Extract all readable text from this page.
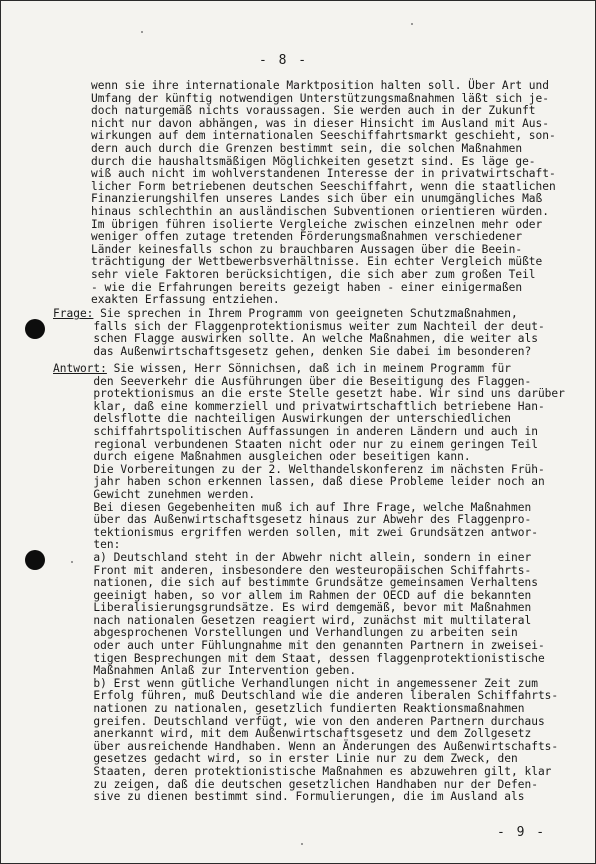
- 8 -
wenn sie ihre internationale Marktposition halten soll. Über Art und
Umfang der künftig notwendigen Unterstützungsmaßnahmen läßt sich je-
doch naturgemäß nichts voraussagen. Sie werden auch in der Zukunft
nicht nur davon abhängen, was in dieser Hinsicht im Ausland mit Aus-
wirkungen auf dem internationalen Seeschiffahrtsmarkt geschieht, son-
dern auch durch die Grenzen bestimmt sein, die solchen Maßnahmen
durch die haushaltsmäßigen Möglichkeiten gesetzt sind. Es läge ge-
wiß auch nicht im wohlverstandenen Interesse der in privatwirtschaft-
licher Form betriebenen deutschen Seeschiffahrt, wenn die staatlichen
Finanzierungshilfen unseres Landes sich über ein unumgängliches Maß
hinaus schlechthin an ausländischen Subventionen orientieren würden.
Im übrigen führen isolierte Vergleiche zwischen einzelnen mehr oder
weniger offen zutage tretenden Förderungsmaßnahmen verschiedener
Länder keinesfalls schon zu brauchbaren Aussagen über die Beein-
trächtigung der Wettbewerbsverhältnisse. Ein echter Vergleich müßte
sehr viele Faktoren berücksichtigen, die sich aber zum großen Teil
- wie die Erfahrungen bereits gezeigt haben - einer einigermaßen
exakten Erfassung entziehen.
Frage: Sie sprechen in Ihrem Programm von geeigneten Schutzmaßnahmen,
falls sich der Flaggenprotektionismus weiter zum Nachteil der deut-
schen Flagge auswirken sollte. An welche Maßnahmen, die weiter als
das Außenwirtschaftsgesetz gehen, denken Sie dabei im besonderen?
Antwort: Sie wissen, Herr Sönnichsen, daß ich in meinem Programm für
den Seeverkehr die Ausführungen über die Beseitigung des Flaggen-
protektionismus an die erste Stelle gesetzt habe. Wir sind uns darüber
klar, daß eine kommerziell und privatwirtschaftlich betriebene Han-
delsflotte die nachteiligen Auswirkungen der unterschiedlichen
schiffahrtspolitischen Auffassungen in anderen Ländern und auch in
regional verbundenen Staaten nicht oder nur zu einem geringen Teil
durch eigene Maßnahmen ausgleichen oder beseitigen kann.
Die Vorbereitungen zu der 2. Welthandelskonferenz im nächsten Früh-
jahr haben schon erkennen lassen, daß diese Probleme leider noch an
Gewicht zunehmen werden.
Bei diesen Gegebenheiten muß ich auf Ihre Frage, welche Maßnahmen
über das Außenwirtschaftsgesetz hinaus zur Abwehr des Flaggenpro-
tektionismus ergriffen werden sollen, mit zwei Grundsätzen antwor-
ten:
a) Deutschland steht in der Abwehr nicht allein, sondern in einer
Front mit anderen, insbesondere den westeuropäischen Schiffahrts-
nationen, die sich auf bestimmte Grundsätze gemeinsamen Verhaltens
geeinigt haben, so vor allem im Rahmen der OECD auf die bekannten
Liberalisierungsgrundsätze. Es wird demgemäß, bevor mit Maßnahmen
nach nationalen Gesetzen reagiert wird, zunächst mit multilateral
abgesprochenen Vorstellungen und Verhandlungen zu arbeiten sein
oder auch unter Fühlungnahme mit den genannten Partnern in zweisei-
tigen Besprechungen mit dem Staat, dessen flaggenprotektionistische
Maßnahmen Anlaß zur Intervention geben.
b) Erst wenn gütliche Verhandlungen nicht in angemessener Zeit zum
Erfolg führen, muß Deutschland wie die anderen liberalen Schiffahrts-
nationen zu nationalen, gesetzlich fundierten Reaktionsmaßnahmen
greifen. Deutschland verfügt, wie von den anderen Partnern durchaus
anerkannt wird, mit dem Außenwirtschaftsgesetz und dem Zollgesetz
über ausreichende Handhaben. Wenn an Änderungen des Außenwirtschafts-
gesetzes gedacht wird, so in erster Linie nur zu dem Zweck, den
Staaten, deren protektionistische Maßnahmen es abzuwehren gilt, klar
zu zeigen, daß die deutschen gesetzlichen Handhaben nur der Defen-
sive zu dienen bestimmt sind. Formulierungen, die im Ausland als
- 9 -
